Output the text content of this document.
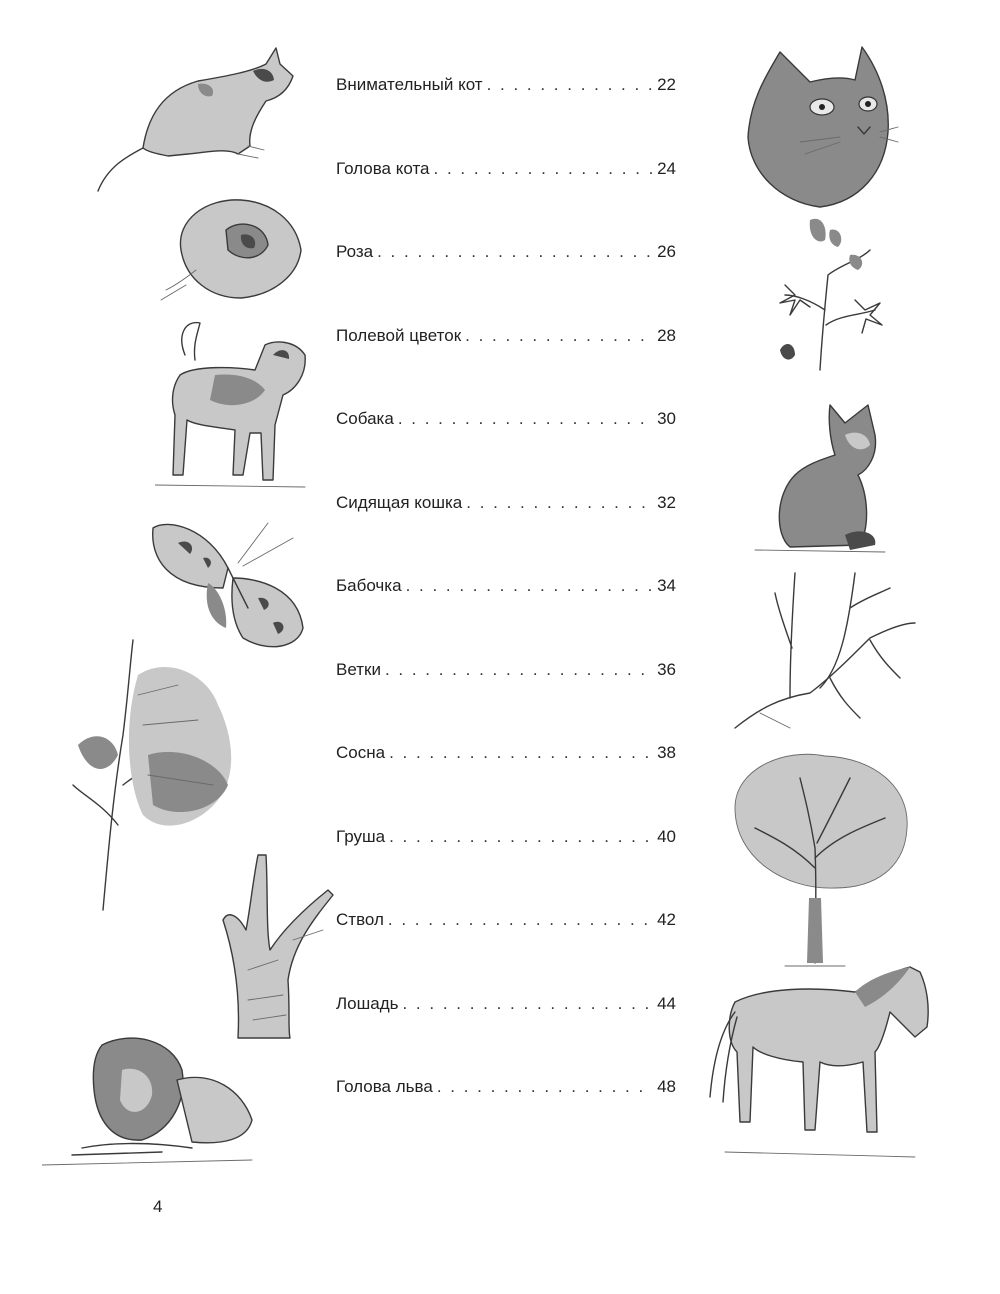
Внимательный кот . . .	22
Голова кота . . .	24
Роза . . .	26
Полевой цветок . . .	28
Собака . . .	30
Сидящая кошка . . .	32
Бабочка . . .	34
Ветки . . .	36
Сосна . . .	38
Груша . . .	40
Ствол . . .	42
Лошадь . . .	44
Голова льва . . .	48
4
